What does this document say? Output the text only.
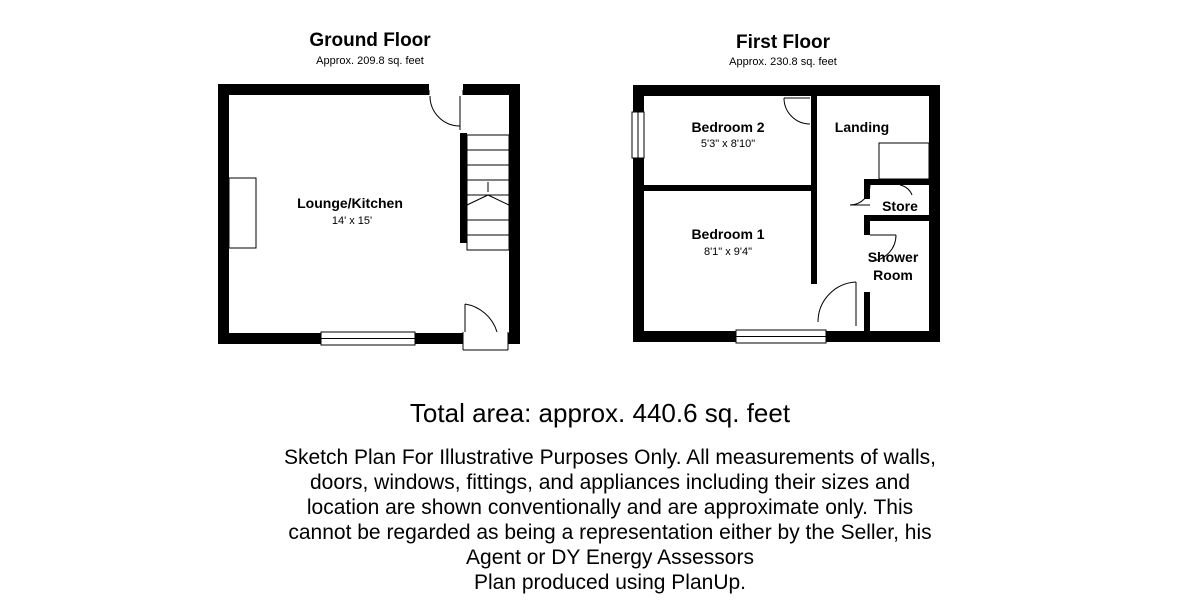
Ground Floor
Approx. 209.8 sq. feet
First Floor
Approx. 230.8 sq. feet
Lounge/Kitchen
14' x 15'
Bedroom 2
5'3" x 8'10"
Landing
Bedroom 1
8'1" x 9'4"
Store
Shower
Room
Total area: approx. 440.6 sq. feet
Sketch Plan For Illustrative Purposes Only. All measurements of walls,
doors, windows, fittings, and appliances including their sizes and
location are shown conventionally and are approximate only. This
cannot be regarded as being a representation either by the Seller, his
Agent or DY Energy Assessors
Plan produced using PlanUp.
